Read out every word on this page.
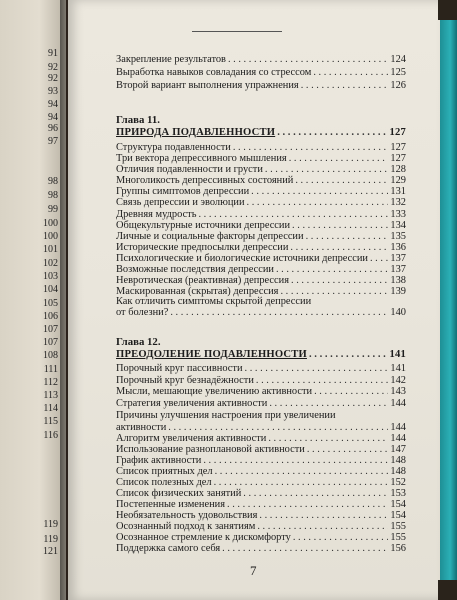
91
92
92
93
94
94
96
97
98
98
99
100
100
101
102
103
104
105
106
107
107
108
111
112
113
114
115
116
119
119
121
Закрепление результатов . . .	124
Выработка навыков совладания со стрессом . . .	125
Второй вариант выполнения упражнения . . .	126
Глава 11.
ПРИРОДА ПОДАВЛЕННОСТИ . . .	127
Структура подавленности . . .	127
Три вектора депрессивного мышления . . .	127
Отличия подавленности и грусти . . .	128
Многоликость депрессивных состояний . . .	129
Группы симптомов депрессии . . .	131
Связь депрессии и эволюции . . .	132
Древняя мудрость . . .	133
Общекультурные источники депрессии . . .	134
Личные и социальные факторы депрессии . . .	135
Исторические предпосылки депрессии . . .	136
Психологические и биологические источники депрессии . . . 137
Возможные последствия депрессии . . .	137
Невротическая (реактивная) депрессия . . .	138
Маскированная (скрытая) депрессия . . .	139
Как отличить симптомы скрытой депрессии
от болезни? . . .	140
Глава 12.
ПРЕОДОЛЕНИЕ ПОДАВЛЕННОСТИ . . .	141
Порочный круг пассивности . . .	141
Порочный круг безнадёжности . . .	142
Мысли, мешающие увеличению активности . . .	143
Стратегия увеличения активности . . .	144
Причины улучшения настроения при увеличении
активности . . .	144
Алгоритм увеличения активности . . .	144
Использование разноплановой активности . . .	147
График активности . . .	148
Список приятных дел . . .	148
Список полезных дел . . .	152
Список физических занятий . . .	153
Постепенные изменения . . .	154
Необязательность удовольствия . . .	154
Осознанный подход к занятиям . . .	155
Осознанное стремление к дискомфорту . . .	155
Поддержка самого себя . . .	156
7
